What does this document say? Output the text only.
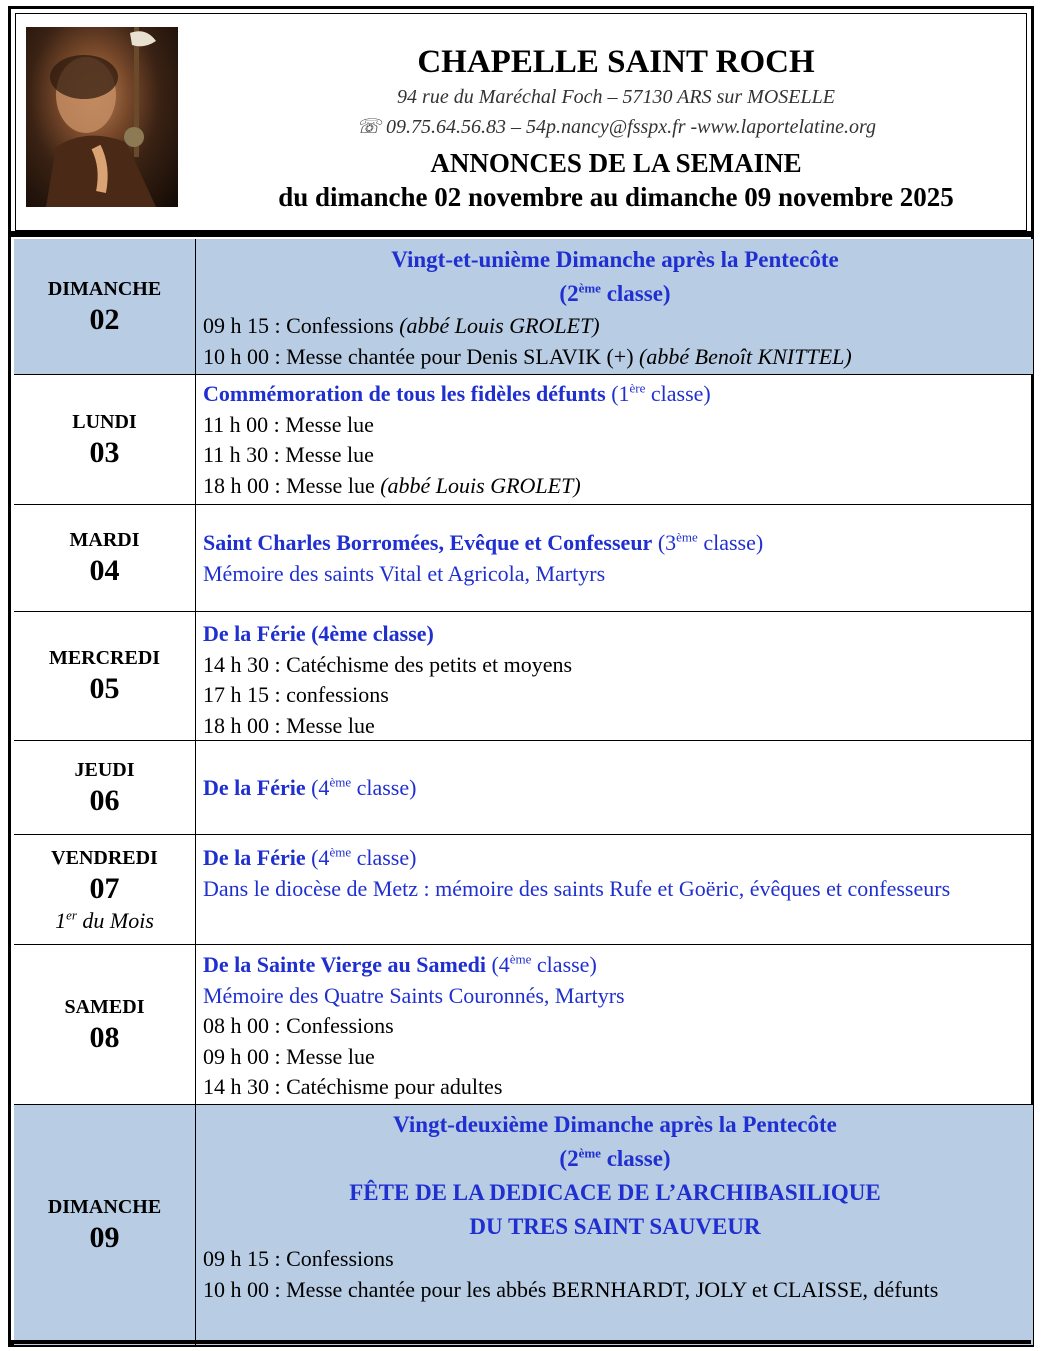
CHAPELLE SAINT ROCH
94 rue du Maréchal Foch – 57130 ARS sur MOSELLE
☏ 09.75.64.56.83 – 54p.nancy@fsspx.fr -www.laportelatine.org
ANNONCES DE LA SEMAINE
du dimanche 02 novembre au dimanche 09 novembre 2025
DIMANCHE
02
Vingt-et-unième Dimanche après la Pentecôte
(2ème classe)
09 h 15 : Confessions (abbé Louis GROLET)
10 h 00 : Messe chantée pour Denis SLAVIK (+) (abbé Benoît KNITTEL)
LUNDI
03
Commémoration de tous les fidèles défunts (1ère classe)
11 h 00 : Messe lue
11 h 30 : Messe lue
18 h 00 : Messe lue (abbé Louis GROLET)
MARDI
04
Saint Charles Borromées, Evêque et Confesseur (3ème classe)
Mémoire des saints Vital et Agricola, Martyrs
MERCREDI
05
De la Férie (4ème classe)
14 h 30 : Catéchisme des petits et moyens
17 h 15 : confessions
18 h 00 : Messe lue
JEUDI
06	De la Férie (4ème classe)
VENDREDI
07
1er du Mois
De la Férie (4ème classe)
Dans le diocèse de Metz : mémoire des saints Rufe et Goëric, évêques et confesseurs
SAMEDI
08
De la Sainte Vierge au Samedi (4ème classe)
Mémoire des Quatre Saints Couronnés, Martyrs
08 h 00 : Confessions
09 h 00 : Messe lue
14 h 30 : Catéchisme pour adultes
DIMANCHE
09
Vingt-deuxième Dimanche après la Pentecôte
(2ème classe)
FÊTE DE LA DEDICACE DE L’ARCHIBASILIQUE
DU TRES SAINT SAUVEUR
09 h 15 : Confessions
10 h 00 : Messe chantée pour les abbés BERNHARDT, JOLY et CLAISSE, défunts
